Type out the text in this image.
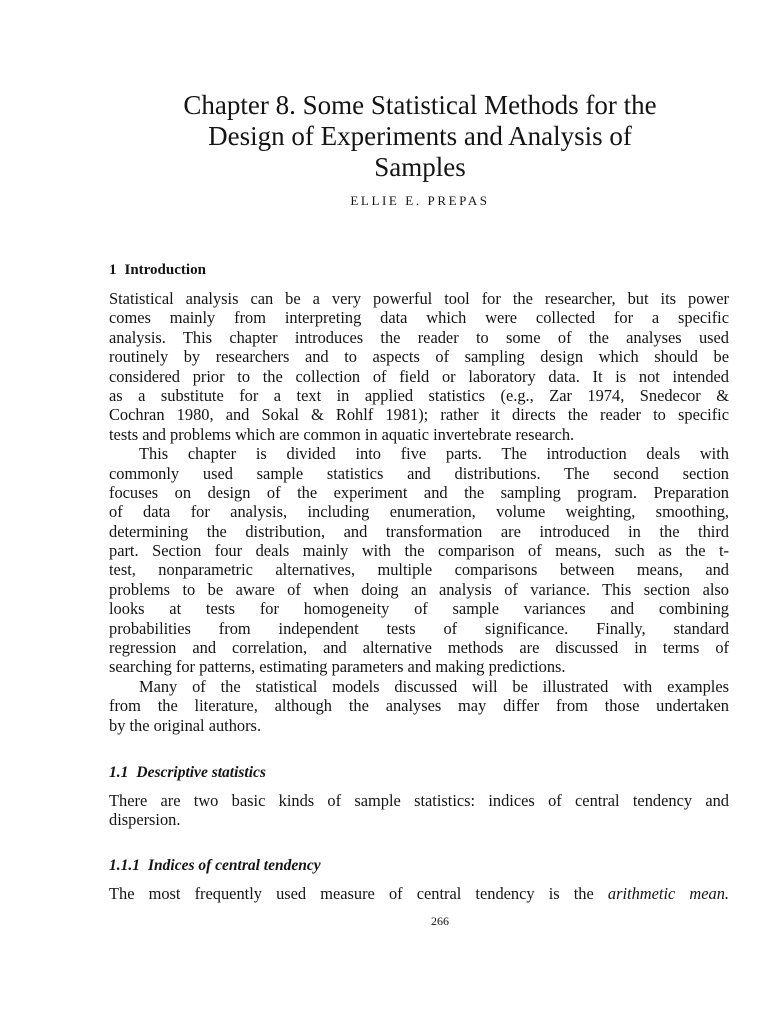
Chapter 8. Some Statistical Methods for the
Design of Experiments and Analysis of
Samples

ELLIE E. PREPAS

1 Introduction
Statistical analysis can be a very powerful tool for the researcher, but its power
comes mainly from interpreting data which were collected for a specific
analysis. This chapter introduces the reader to some of the analyses used
routinely by researchers and to aspects of sampling design which should be
considered prior to the collection of field or laboratory data. It is not intended
as a substitute for a text in applied statistics (e.g., Zar 1974, Snedecor &
Cochran 1980, and Sokal & Rohlf 1981); rather it directs the reader to specific
tests and problems which are common in aquatic invertebrate research.
This chapter is divided into five parts. The introduction deals with
commonly used sample statistics and distributions. The second section
focuses on design of the experiment and the sampling program. Preparation
of data for analysis, including enumeration, volume weighting, smoothing,
determining the distribution, and transformation are introduced in the third
part. Section four deals mainly with the comparison of means, such as the t-
test, nonparametric alternatives, multiple comparisons between means, and
problems to be aware of when doing an analysis of variance. This section also
looks at tests for homogeneity of sample variances and combining
probabilities from independent tests of significance. Finally, standard
regression and correlation, and alternative methods are discussed in terms of
searching for patterns, estimating parameters and making predictions.
Many of the statistical models discussed will be illustrated with examples
from the literature, although the analyses may differ from those undertaken
by the original authors.
1.1 Descriptive statistics
There are two basic kinds of sample statistics: indices of central tendency and
dispersion.
1.1.1 Indices of central tendency
The most frequently used measure of central tendency is the arithmetic mean.

266
